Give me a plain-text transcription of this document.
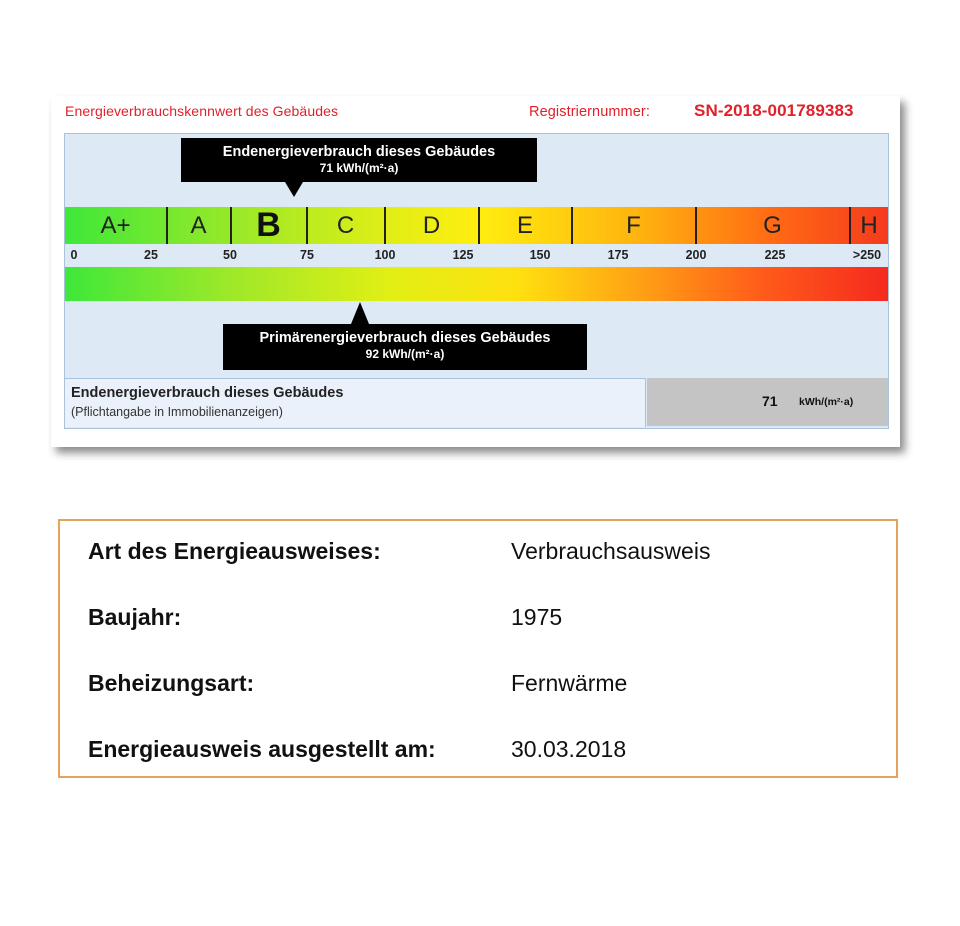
Energieverbrauchskennwert des Gebäudes	Registriernummer:	SN-2018-001789383
Endenergieverbrauch dieses Gebäudes
71 kWh/(m²·a)
A+	A	B	C	D	E	F	G	H
0	25	50	75	100	125	150	175	200	225	>250
Primärenergieverbrauch dieses Gebäudes
92 kWh/(m²·a)
Endenergieverbrauch dieses Gebäudes
(Pflichtangabe in Immobilienanzeigen)
71 kWh/(m²·a)
Art des Energieausweises:	Verbrauchsausweis
Baujahr:	1975
Beheizungsart:	Fernwärme
Energieausweis ausgestellt am:	30.03.2018
